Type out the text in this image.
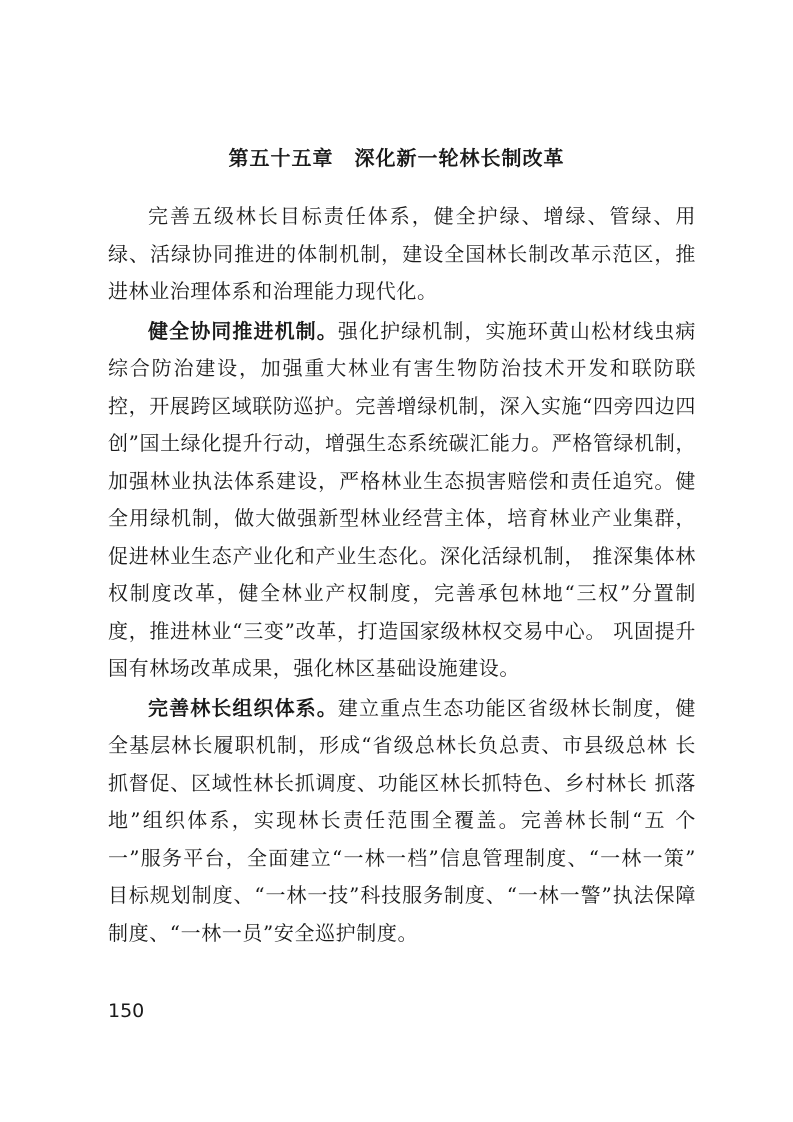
第五十五章　深化新一轮林长制改革

完善五级林长目标责任体系，健全护绿、增绿、管绿、用绿、活绿协同推进的体制机制，建设全国林长制改革示范区，推进林业治理体系和治理能力现代化。

健全协同推进机制。强化护绿机制，实施环黄山松材线虫病综合防治建设，加强重大林业有害生物防治技术开发和联防联控，开展跨区域联防巡护。完善增绿机制，深入实施“四旁四边四创”国土绿化提升行动，增强生态系统碳汇能力。严格管绿机制，加强林业执法体系建设，严格林业生态损害赔偿和责任追究。健全用绿机制，做大做强新型林业经营主体，培育林业产业集群，促进林业生态产业化和产业生态化。深化活绿机制， 推深集体林权制度改革，健全林业产权制度，完善承包林地“三权”分置制度，推进林业“三变”改革，打造国家级林权交易中心。 巩固提升国有林场改革成果，强化林区基础设施建设。

完善林长组织体系。建立重点生态功能区省级林长制度，健全基层林长履职机制，形成“省级总林长负总责、市县级总林 长抓督促、区域性林长抓调度、功能区林长抓特色、乡村林长 抓落地”组织体系，实现林长责任范围全覆盖。完善林长制“五 个一”服务平台，全面建立“一林一档”信息管理制度、“一林一策” 目标规划制度、“一林一技”科技服务制度、“一林一警”执法保障 制度、“一林一员”安全巡护制度。

150
